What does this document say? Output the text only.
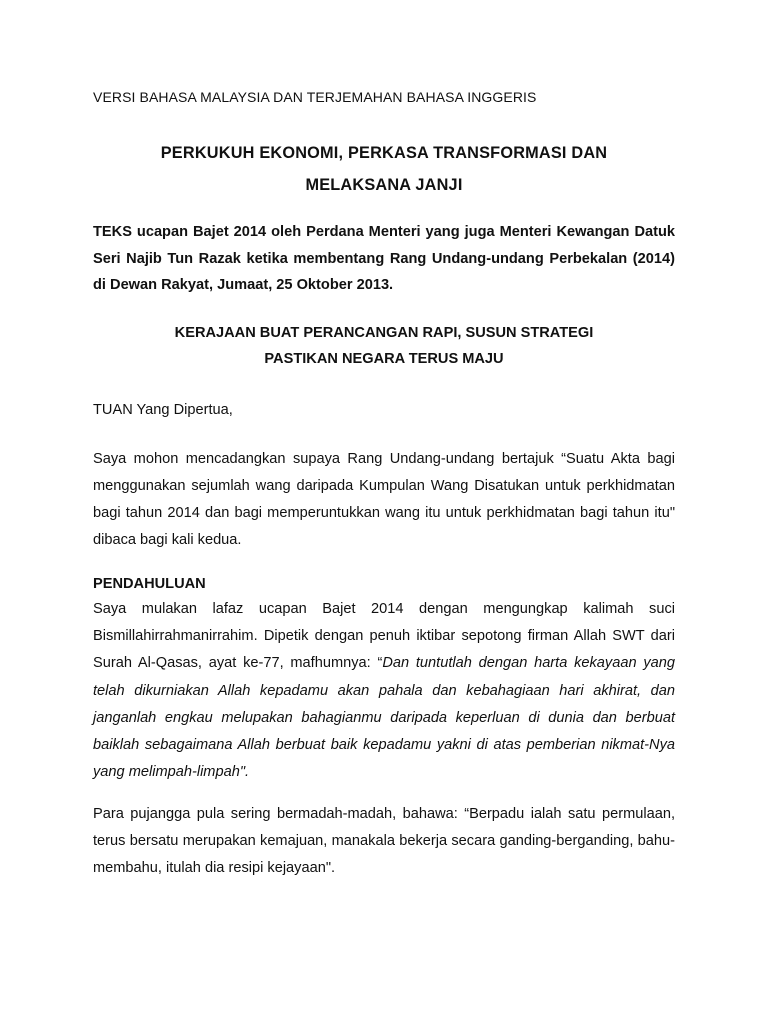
VERSI BAHASA MALAYSIA DAN TERJEMAHAN BAHASA INGGERIS

PERKUKUH EKONOMI, PERKASA TRANSFORMASI DAN
MELAKSANA JANJI

TEKS ucapan Bajet 2014 oleh Perdana Menteri yang juga Menteri Kewangan Datuk Seri Najib Tun Razak ketika membentang Rang Undang-undang Perbekalan (2014) di Dewan Rakyat, Jumaat, 25 Oktober 2013.

KERAJAAN BUAT PERANCANGAN RAPI, SUSUN STRATEGI
PASTIKAN NEGARA TERUS MAJU

TUAN Yang Dipertua,

Saya mohon mencadangkan supaya Rang Undang-undang bertajuk “Suatu Akta bagi menggunakan sejumlah wang daripada Kumpulan Wang Disatukan untuk perkhidmatan bagi tahun 2014 dan bagi memperuntukkan wang itu untuk perkhidmatan bagi tahun itu" dibaca bagi kali kedua.

PENDAHULUAN

Saya mulakan lafaz ucapan Bajet 2014 dengan mengungkap kalimah suci Bismillahirrahmanirrahim. Dipetik dengan penuh iktibar sepotong firman Allah SWT dari Surah Al-Qasas, ayat ke-77, mafhumnya: “Dan tuntutlah dengan harta kekayaan yang telah dikurniakan Allah kepadamu akan pahala dan kebahagiaan hari akhirat, dan janganlah engkau melupakan bahagianmu daripada keperluan di dunia dan berbuat baiklah sebagaimana Allah berbuat baik kepadamu yakni di atas pemberian nikmat-Nya yang melimpah-limpah".

Para pujangga pula sering bermadah-madah, bahawa: “Berpadu ialah satu permulaan, terus bersatu merupakan kemajuan, manakala bekerja secara ganding-berganding, bahu-membahu, itulah dia resipi kejayaan".
